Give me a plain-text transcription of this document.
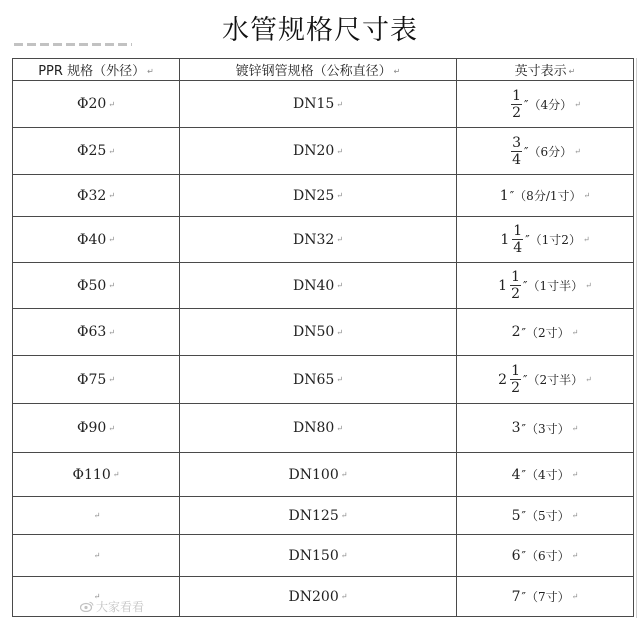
水管规格尺寸表
PPR 规格（外径） ↵	镀锌钢管规格（公称直径） ↵	英寸表示 ↵
Φ20 ↵	DN15 ↵	$\frac{1}{2} ''(4$分） ↵

Φ25 ↵	DN20 ↵	$\frac{3}{4} ''(6$分） ↵

Φ32 ↵	DN25 ↵	1 ″（8分/1寸） ↵

Φ40 ↵	DN32 ↵	$1 \frac{1}{4} ''(1$寸2） ↵

Φ50 ↵	DN40 ↵	$1 \frac{1}{2} ''(1$寸半） ↵

Φ63 ↵	DN50 ↵	2 ″（2寸） ↵

Φ75 ↵	DN65 ↵	$2 \frac{1}{2} ''(2$寸半） ↵

Φ90 ↵	DN80 ↵	3 ″（3寸） ↵

Φ110 ↵	DN100 ↵	4 ″（4寸） ↵

↵	DN125 ↵	5 ″（5寸） ↵

↵	DN150 ↵	6 ″（6寸） ↵

↵	DN200 ↵	7 ″（7寸） ↵
大家看看
